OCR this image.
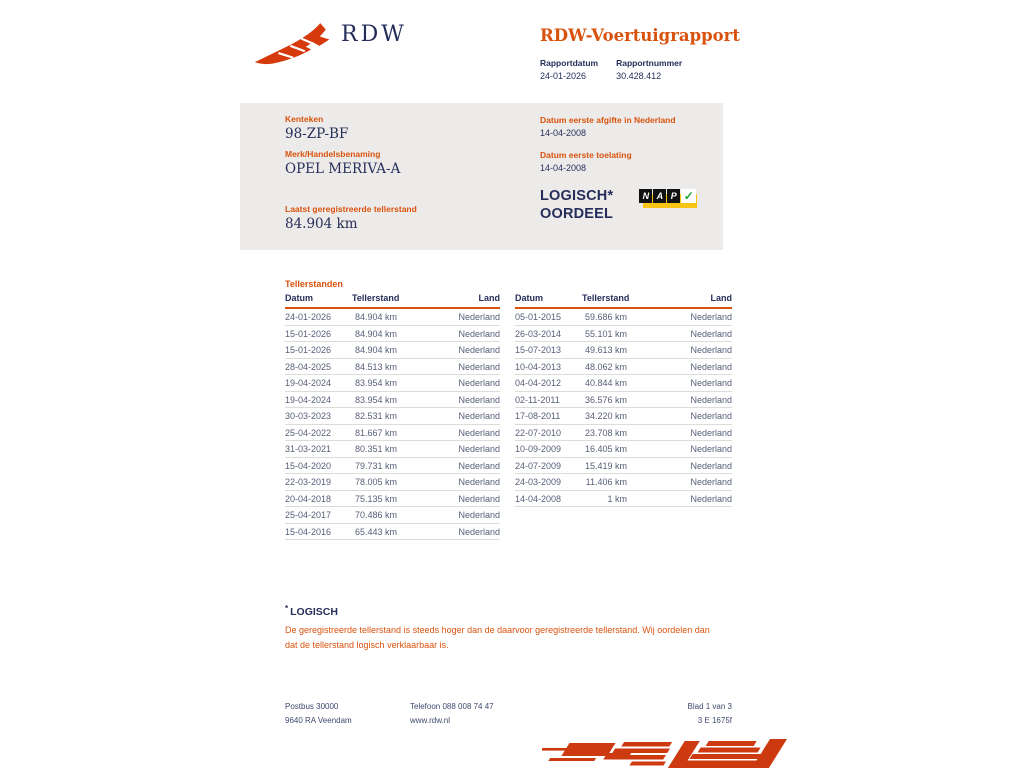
RDW	RDW-Voertuigrapport
Rapportdatum
24-01-2026
Rapportnummer
30.428.412
Kenteken
98-ZP-BF
Merk/Handelsbenaming
OPEL MERIVA-A
Laatst geregistreerde tellerstand
84.904 km
Datum eerste afgifte in Nederland
14-04-2008
Datum eerste toelating
14-04-2008
LOGISCH*
OORDEEL
N A P ✓
Tellerstanden
Datum	Tellerstand	Land
24-01-2026	84.904 km	Nederland
15-01-2026	84.904 km	Nederland
15-01-2026	84.904 km	Nederland
28-04-2025	84.513 km	Nederland
19-04-2024	83.954 km	Nederland
19-04-2024	83.954 km	Nederland
30-03-2023	82.531 km	Nederland
25-04-2022	81.667 km	Nederland
31-03-2021	80.351 km	Nederland
15-04-2020	79.731 km	Nederland
22-03-2019	78.005 km	Nederland
20-04-2018	75.135 km	Nederland
25-04-2017	70.486 km	Nederland
15-04-2016	65.443 km	Nederland
Datum	Tellerstand	Land
05-01-2015	59.686 km	Nederland
26-03-2014	55.101 km	Nederland
15-07-2013	49.613 km	Nederland
10-04-2013	48.062 km	Nederland
04-04-2012	40.844 km	Nederland
02-11-2011	36.576 km	Nederland
17-08-2011	34.220 km	Nederland
22-07-2010	23.708 km	Nederland
10-09-2009	16.405 km	Nederland
24-07-2009	15.419 km	Nederland
24-03-2009	11.406 km	Nederland
14-04-2008	1 km	Nederland
* LOGISCH
De geregistreerde tellerstand is steeds hoger dan de daarvoor geregistreerde tellerstand. Wij oordelen dan dat de tellerstand logisch verklaarbaar is.
Postbus 30000
9640 RA Veendam
Telefoon 088 008 74 47
www.rdw.nl
Blad 1 van 3
3 E 1675f
